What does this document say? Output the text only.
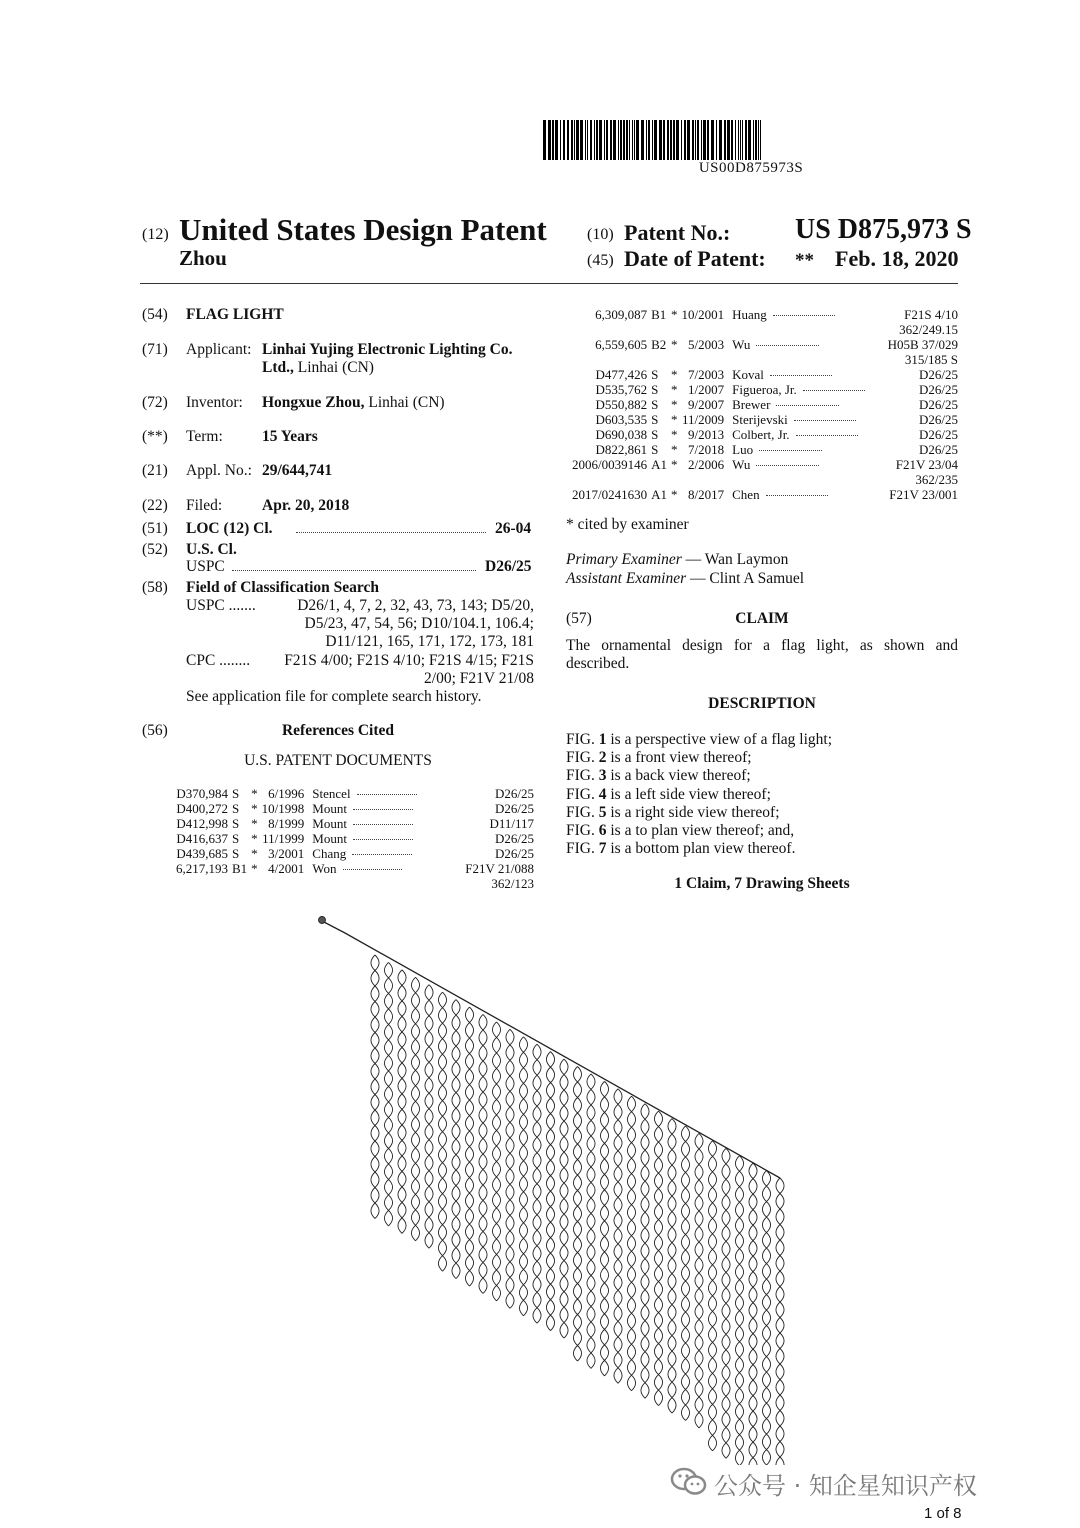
US00D875973S
(12) United States Design Patent
Zhou
(10) Patent No.: US D875,973 S
(45) Date of Patent: ** Feb. 18, 2020
(54) FLAG LIGHT
(71) Applicant: Linhai Yujing Electronic Lighting Co.
Ltd., Linhai (CN)
(72) Inventor: Hongxue Zhou, Linhai (CN)
(**) Term:	15 Years
(21) Appl. No.: 29/644,741
(22) Filed:	Apr. 20, 2018
(51) LOC (12) Cl.	26-04
(52) U.S. Cl.
USPC	D26/25
(58) Field of Classification Search
USPC .......	D26/1, 4, 7, 2, 32, 43, 73, 143; D5/20,
D5/23, 47, 54, 56; D10/104.1, 106.4;
D11/121, 165, 171, 172, 173, 181
CPC ........	F21S 4/00; F21S 4/10; F21S 4/15; F21S
2/00; F21V 21/08
See application file for complete search history.
(56)	References Cited
U.S. PATENT DOCUMENTS
D370,984	S	*	6/1996	Stencel	D26/25
D400,272	S	*	10/1998	Mount	D26/25
D412,998	S	*	8/1999	Mount	D11/117
D416,637	S	*	11/1999	Mount	D26/25
D439,685	S	*	3/2001	Chang	D26/25
6,217,193	B1	*	4/2001	Won	F21V 21/088
362/123					
6,309,087	B1	*	10/2001	Huang	F21S 4/10
362/249.15					
6,559,605	B2	*	5/2003	Wu	H05B 37/029
315/185 S					
D477,426	S	*	7/2003	Koval	D26/25
D535,762	S	*	1/2007	Figueroa, Jr.	D26/25
D550,882	S	*	9/2007	Brewer	D26/25
D603,535	S	*	11/2009	Sterijevski	D26/25
D690,038	S	*	9/2013	Colbert, Jr.	D26/25
D822,861	S	*	7/2018	Luo	D26/25
2006/0039146	A1	*	2/2006	Wu	F21V 23/04
362/235					
2017/0241630	A1	*	8/2017	Chen	F21V 23/001
* cited by examiner
Primary Examiner — Wan Laymon
Assistant Examiner — Clint A Samuel
(57)	CLAIM
The ornamental design for a flag light, as shown and
described.
DESCRIPTION
FIG. 1 is a perspective view of a flag light;
FIG. 2 is a front view thereof;
FIG. 3 is a back view thereof;
FIG. 4 is a left side view thereof;
FIG. 5 is a right side view thereof;
FIG. 6 is a to plan view thereof; and,
FIG. 7 is a bottom plan view thereof.
1 Claim, 7 Drawing Sheets
公众号 · 知企星知识产权
1 of 8
